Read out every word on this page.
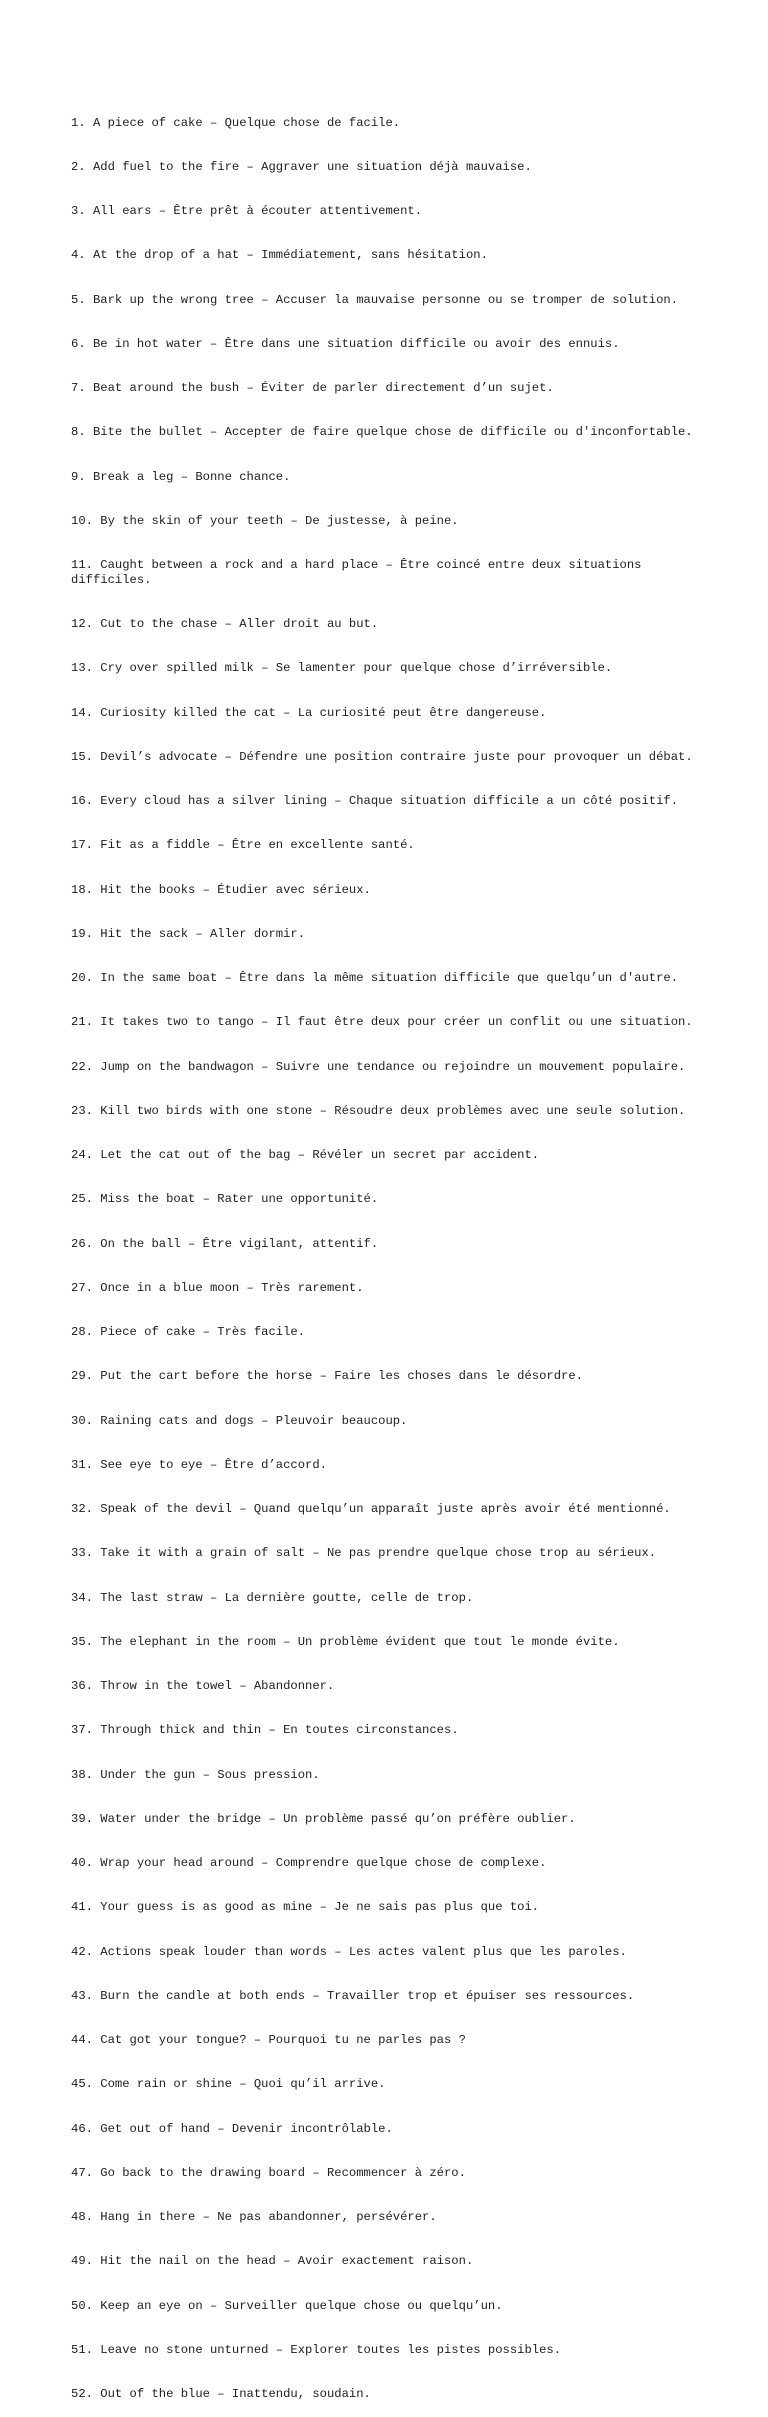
1. A piece of cake – Quelque chose de facile.

2. Add fuel to the fire – Aggraver une situation déjà mauvaise.

3. All ears – Être prêt à écouter attentivement.

4. At the drop of a hat – Immédiatement, sans hésitation.

5. Bark up the wrong tree – Accuser la mauvaise personne ou se tromper de solution.

6. Be in hot water – Être dans une situation difficile ou avoir des ennuis.

7. Beat around the bush – Éviter de parler directement d’un sujet.

8. Bite the bullet – Accepter de faire quelque chose de difficile ou d'inconfortable.

9. Break a leg – Bonne chance.

10. By the skin of your teeth – De justesse, à peine.

11. Caught between a rock and a hard place – Être coincé entre deux situations difficiles.

12. Cut to the chase – Aller droit au but.

13. Cry over spilled milk – Se lamenter pour quelque chose d’irréversible.

14. Curiosity killed the cat – La curiosité peut être dangereuse.

15. Devil’s advocate – Défendre une position contraire juste pour provoquer un débat.

16. Every cloud has a silver lining – Chaque situation difficile a un côté positif.

17. Fit as a fiddle – Être en excellente santé.

18. Hit the books – Étudier avec sérieux.

19. Hit the sack – Aller dormir.

20. In the same boat – Être dans la même situation difficile que quelqu’un d'autre.

21. It takes two to tango – Il faut être deux pour créer un conflit ou une situation.

22. Jump on the bandwagon – Suivre une tendance ou rejoindre un mouvement populaire.

23. Kill two birds with one stone – Résoudre deux problèmes avec une seule solution.

24. Let the cat out of the bag – Révéler un secret par accident.

25. Miss the boat – Rater une opportunité.

26. On the ball – Être vigilant, attentif.

27. Once in a blue moon – Très rarement.

28. Piece of cake – Très facile.

29. Put the cart before the horse – Faire les choses dans le désordre.

30. Raining cats and dogs – Pleuvoir beaucoup.

31. See eye to eye – Être d’accord.

32. Speak of the devil – Quand quelqu’un apparaît juste après avoir été mentionné.

33. Take it with a grain of salt – Ne pas prendre quelque chose trop au sérieux.

34. The last straw – La dernière goutte, celle de trop.

35. The elephant in the room – Un problème évident que tout le monde évite.

36. Throw in the towel – Abandonner.

37. Through thick and thin – En toutes circonstances.

38. Under the gun – Sous pression.

39. Water under the bridge – Un problème passé qu’on préfère oublier.

40. Wrap your head around – Comprendre quelque chose de complexe.

41. Your guess is as good as mine – Je ne sais pas plus que toi.

42. Actions speak louder than words – Les actes valent plus que les paroles.

43. Burn the candle at both ends – Travailler trop et épuiser ses ressources.

44. Cat got your tongue? – Pourquoi tu ne parles pas ?

45. Come rain or shine – Quoi qu’il arrive.

46. Get out of hand – Devenir incontrôlable.

47. Go back to the drawing board – Recommencer à zéro.

48. Hang in there – Ne pas abandonner, persévérer.

49. Hit the nail on the head – Avoir exactement raison.

50. Keep an eye on – Surveiller quelque chose ou quelqu’un.

51. Leave no stone unturned – Explorer toutes les pistes possibles.

52. Out of the blue – Inattendu, soudain.
